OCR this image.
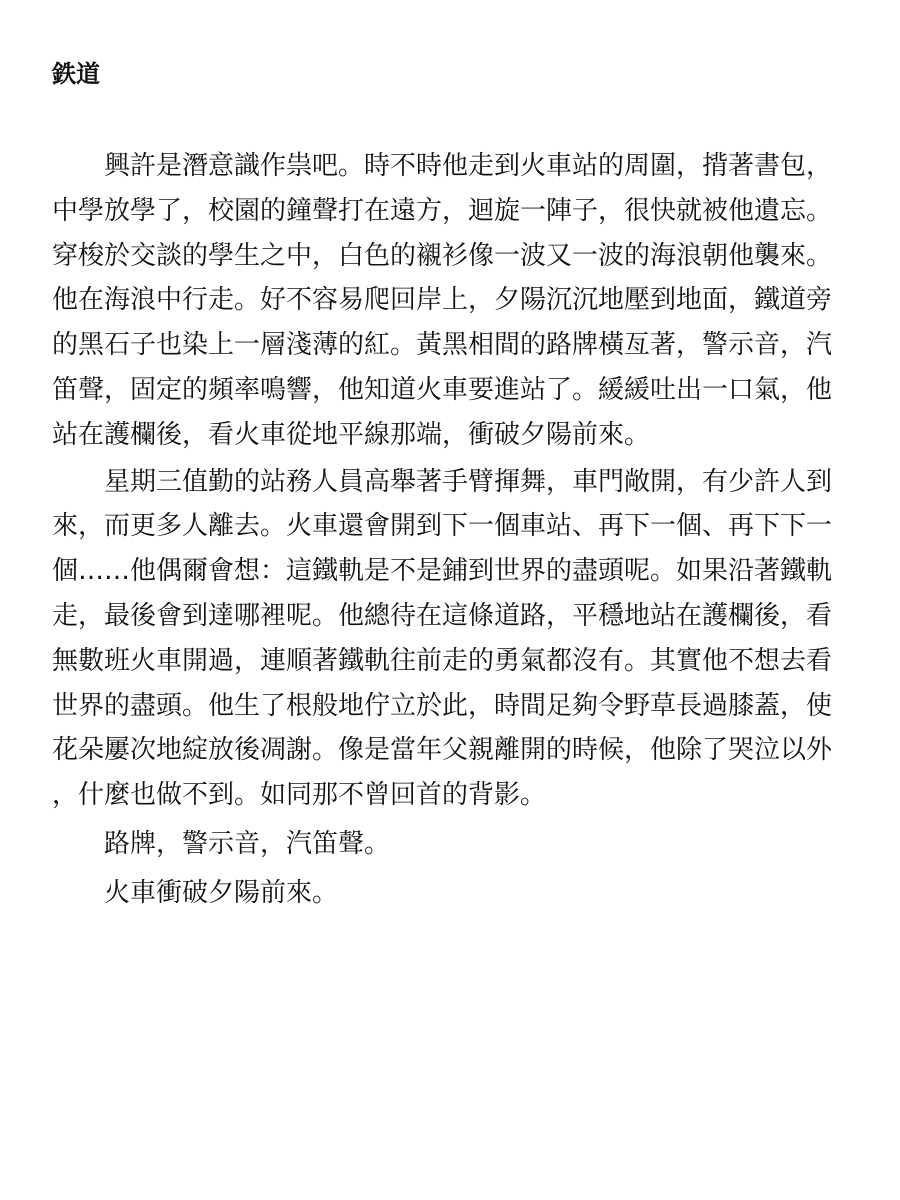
鉄道

興許是潛意識作祟吧。時不時他走到火車站的周圍，揹著書包，中學放學了，校園的鐘聲打在遠方，迴旋一陣子，很快就被他遺忘。穿梭於交談的學生之中，白色的襯衫像一波又一波的海浪朝他襲來。他在海浪中行走。好不容易爬回岸上，夕陽沉沉地壓到地面，鐵道旁的黑石子也染上一層淺薄的紅。黃黑相間的路牌橫亙著，警示音，汽笛聲，固定的頻率鳴響，他知道火車要進站了。緩緩吐出一口氣，他站在護欄後，看火車從地平線那端，衝破夕陽前來。

星期三值勤的站務人員高舉著手臂揮舞，車門敞開，有少許人到來，而更多人離去。火車還會開到下一個車站、再下一個、再下下一個……他偶爾會想：這鐵軌是不是鋪到世界的盡頭呢。如果沿著鐵軌走，最後會到達哪裡呢。他總待在這條道路，平穩地站在護欄後，看無數班火車開過，連順著鐵軌往前走的勇氣都沒有。其實他不想去看世界的盡頭。他生了根般地佇立於此，時間足夠令野草長過膝蓋，使花朵屢次地綻放後凋謝。像是當年父親離開的時候，他除了哭泣以外，什麼也做不到。如同那不曾回首的背影。

路牌，警示音，汽笛聲。

火車衝破夕陽前來。
